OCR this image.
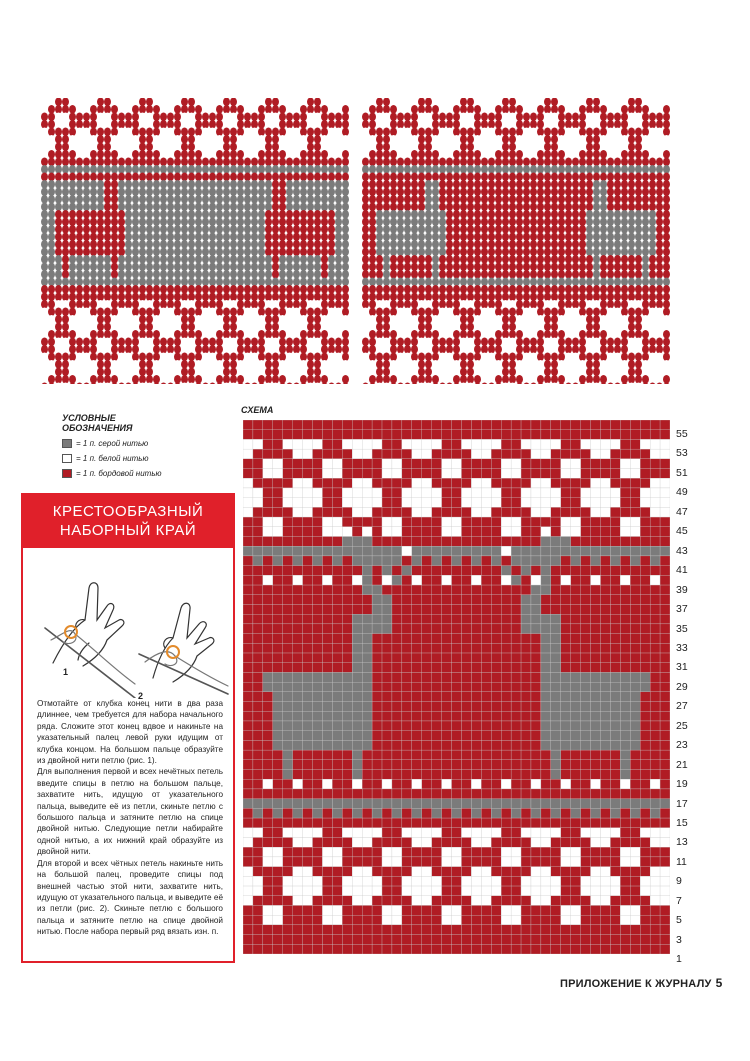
УСЛОВНЫЕ
ОБОЗНАЧЕНИЯ
= 1 п. серой нитью
= 1 п. белой нитью
= 1 п. бордовой нитью
КРЕСТООБРАЗНЫЙ
НАБОРНЫЙ КРАЙ
1
2

Отмотайте от клубка конец нити в два раза длиннее, чем требуется для набора начального ряда. Сложите этот конец вдвое и накиньте на указательный палец левой руки идущим от клубка концом. На большом пальце образуйте из двойной нити петлю (рис. 1).

Для выполнения первой и всех нечётных петель введите спицы в петлю на большом пальце, захватите нить, идущую от указательного пальца, выведите её из петли, скиньте петлю с большого пальца и затяните петлю на спице двойной нитью. Следующие петли набирайте одной нитью, а их нижний край образуйте из двойной нити.

Для второй и всех чётных петель накиньте нить на большой палец, проведите спицы под внешней частью этой нити, захватите нить, идущую от указательного пальца, и выведите её из петли (рис. 2). Скиньте петлю с большого пальца и затяните петлю на спице двойной нитью. После набора первый ряд вязать изн. п.

СХЕМА
55
53
51
49
47
45
43
41
39
37
35
33
31
29
27
25
23
21
19
17
15
13
11
9
7
5
3
1
ПРИЛОЖЕНИЕ К ЖУРНАЛУ 5
